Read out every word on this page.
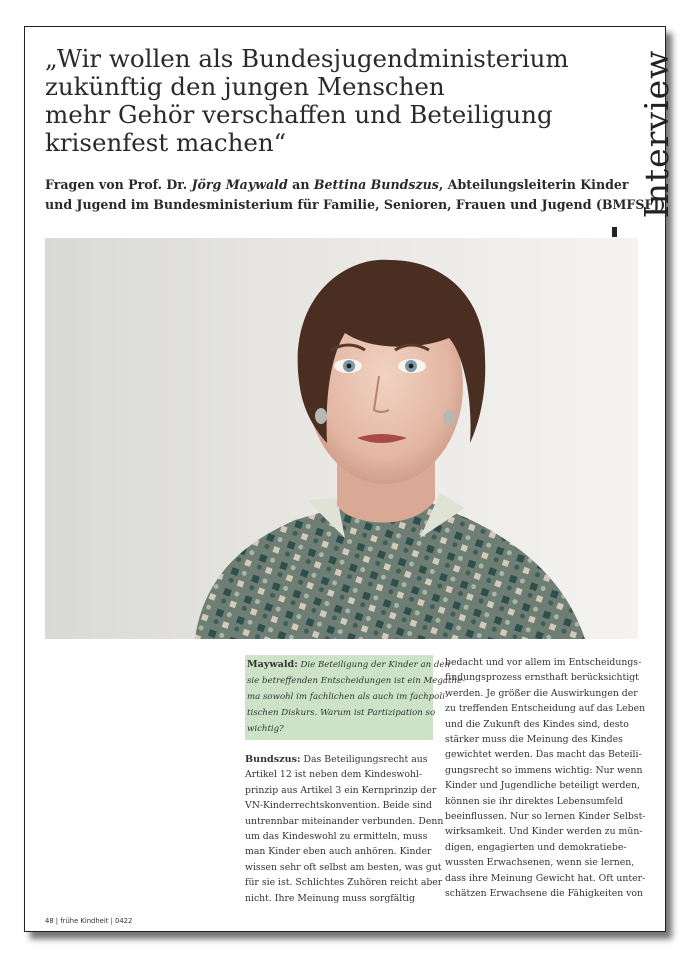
„Wir wollen als Bundesjugendministerium
zukünftig den jungen Menschen
mehr Gehör verschaffen und Beteiligung
krisenfest machen“

Fragen von Prof. Dr. Jörg Maywald an Bettina Bundszus, Abteilungsleiterin Kinder
und Jugend im Bundesministerium für Familie, Senioren, Frauen und Jugend (BMFSFJ)

Interview
Maywald: Die Beteiligung der Kinder an den
sie betreffenden Entscheidungen ist ein Megathe-
ma sowohl im fachlichen als auch im fachpoli-
tischen Diskurs. Warum ist Partizipation so
wichtig?
Bundszus: Das Beteiligungsrecht aus
Artikel 12 ist neben dem Kindeswohl-
prinzip aus Artikel 3 ein Kernprinzip der
VN-Kinderrechtskonvention. Beide sind
untrennbar miteinander verbunden. Denn
um das Kindeswohl zu ermitteln, muss
man Kinder eben auch anhören. Kinder
wissen sehr oft selbst am besten, was gut
für sie ist. Schlichtes Zuhören reicht aber
nicht. Ihre Meinung muss sorgfältig
bedacht und vor allem im Entscheidungs-
findungsprozess ernsthaft berücksichtigt
werden. Je größer die Auswirkungen der
zu treffenden Entscheidung auf das Leben
und die Zukunft des Kindes sind, desto
stärker muss die Meinung des Kindes
gewichtet werden. Das macht das Beteili-
gungsrecht so immens wichtig: Nur wenn
Kinder und Jugendliche beteiligt werden,
können sie ihr direktes Lebensumfeld
beeinflussen. Nur so lernen Kinder Selbst-
wirksamkeit. Und Kinder werden zu mün-
digen, engagierten und demokratiebe-
wussten Erwachsenen, wenn sie lernen,
dass ihre Meinung Gewicht hat. Oft unter-
schätzen Erwachsene die Fähigkeiten von
48 | frühe Kindheit | 0422
